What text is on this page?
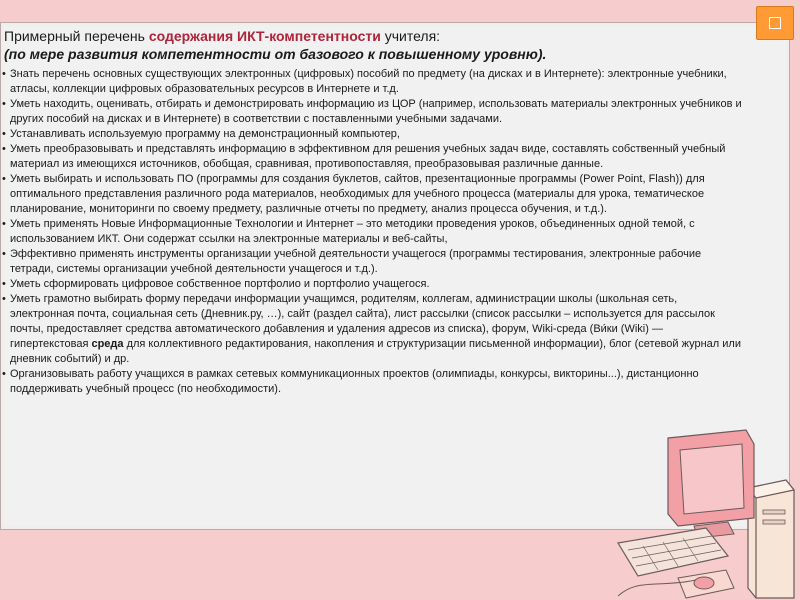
Примерный перечень содержания ИКТ-компетентности учителя:
(по мере развития компетентности от базового к повышенному уровню).
• Знать перечень основных существующих электронных (цифровых) пособий по предмету (на дисках и в Интернете): электронные учебники, атласы, коллекции цифровых образовательных ресурсов в Интернете и т.д.
• Уметь находить, оценивать, отбирать и демонстрировать информацию из ЦОР (например, использовать материалы электронных учебников и других пособий на дисках и в Интернете) в соответствии с поставленными учебными задачами.
• Устанавливать используемую программу на демонстрационный компьютер,
• Уметь преобразовывать и представлять информацию в эффективном для решения учебных задач виде, составлять собственный учебный материал из имеющихся источников, обобщая, сравнивая, противопоставляя, преобразовывая различные данные.
• Уметь выбирать и использовать ПО (программы для создания буклетов, сайтов, презентационные программы (Power Point, Flash)) для оптимального представления различного рода материалов, необходимых для учебного процесса (материалы для урока, тематическое планирование, мониторинги по своему предмету, различные отчеты по предмету, анализ процесса обучения, и т.д.).
• Уметь применять Новые Информационные Технологии и Интернет – это методики проведения уроков, объединенных одной темой, с использованием ИКТ. Они содержат ссылки на электронные материалы и веб-сайты,
• Эффективно применять инструменты организации учебной деятельности учащегося (программы тестирования, электронные рабочие тетради, системы организации учебной деятельности учащегося и т.д.).
• Уметь сформировать цифровое собственное портфолио и портфолио учащегося.
• Уметь грамотно выбирать форму передачи информации учащимся, родителям, коллегам, администрации школы (школьная сеть, электронная почта, социальная сеть (Дневник.ру, …), сайт (раздел сайта), лист рассылки (список рассылки – используется для рассылок почты, предоставляет средства автоматического добавления и удаления адресов из списка), форум, Wiki-среда (Ви́ки (Wiki) — гипертекстовая среда для коллективного редактирования, накопления и структуризации письменной информации), блог (сетевой журнал или дневник событий) и др.
• Организовывать работу учащихся в рамках сетевых коммуникационных проектов (олимпиады, конкурсы, викторины...), дистанционно поддерживать учебный процесс (по необходимости).
